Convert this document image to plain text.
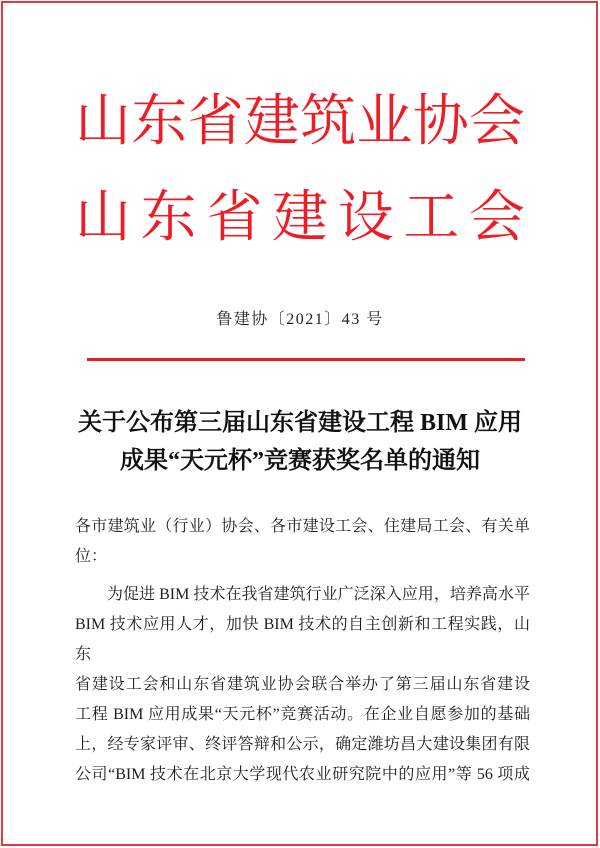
山 东 省 建 筑 业 协 会
山 东 省 建 设 工 会
鲁建协〔2021〕43 号
关于公布第三届山东省建设工程 BIM 应用
成果“天元杯”竞赛获奖名单的通知
各市建筑业（行业）协会、各市建设工会、住建局工会、有关单
位：
为促进 BIM 技术在我省建筑行业广泛深入应用，培养高水平
BIM 技术应用人才，加快 BIM 技术的自主创新和工程实践，山东
省建设工会和山东省建筑业协会联合举办了第三届山东省建设
工程 BIM 应用成果“天元杯”竞赛活动。在企业自愿参加的基础
上，经专家评审、终评答辩和公示，确定潍坊昌大建设集团有限
公司“BIM 技术在北京大学现代农业研究院中的应用”等 56 项成
